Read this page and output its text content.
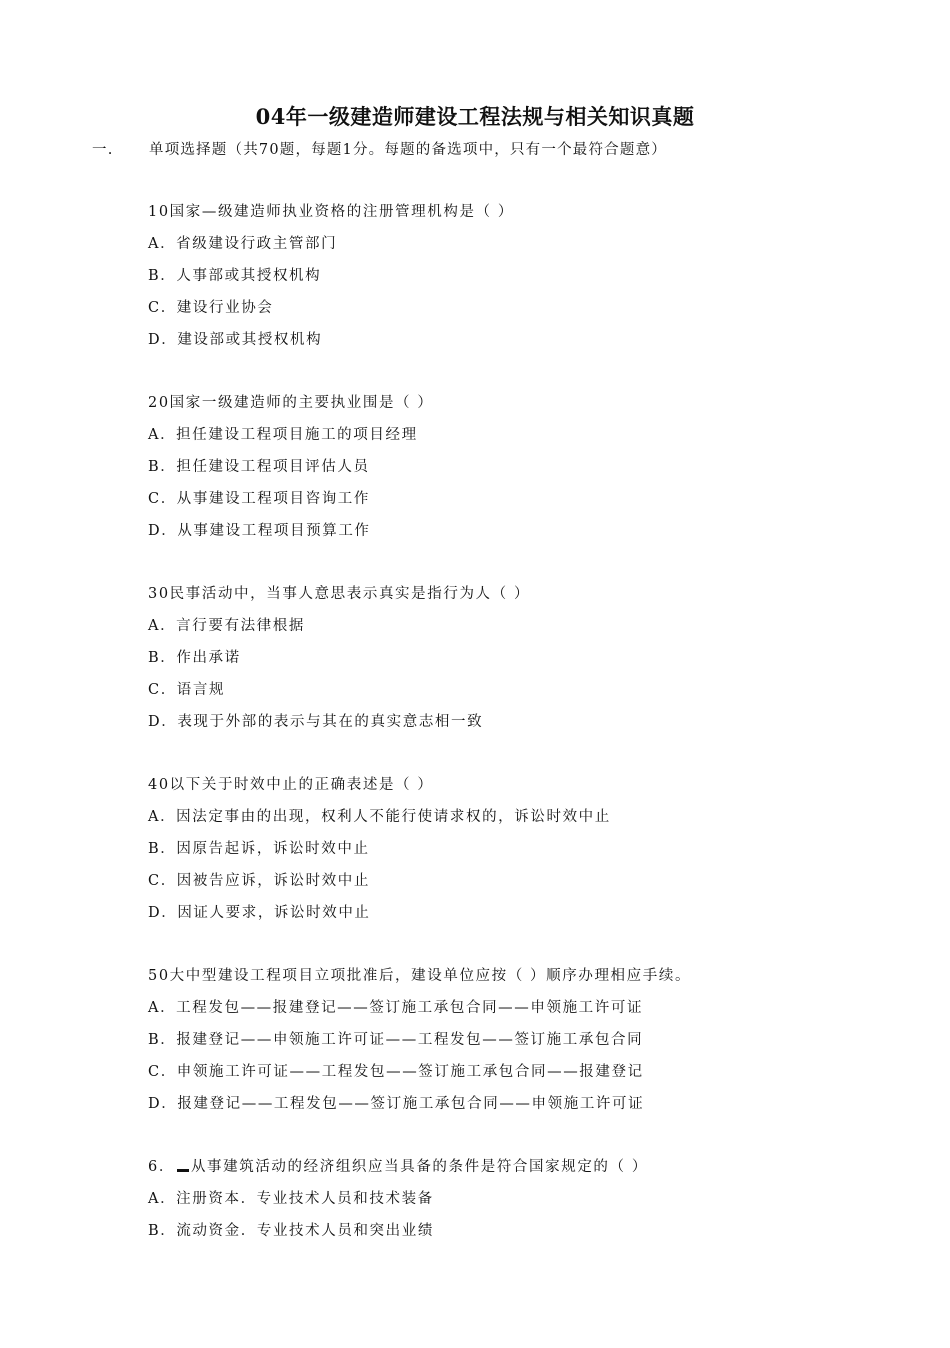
04年一级建造师建设工程法规与相关知识真题
一. 单项选择题（共70题，每题1分。每题的备选项中，只有一个最符合题意）
10国家—级建造师执业资格的注册管理机构是（ ）
A．省级建设行政主管部门
B．人事部或其授权机构
C．建设行业协会
D．建设部或其授权机构
20国家一级建造师的主要执业围是（ ）
A．担任建设工程项目施工的项目经理
B．担任建设工程项目评估人员
C．从事建设工程项目咨询工作
D．从事建设工程项目预算工作
30民事活动中，当事人意思表示真实是指行为人（ ）
A．言行要有法律根据
B．作出承诺
C．语言规
D．表现于外部的表示与其在的真实意志相一致
40以下关于时效中止的正确表述是（ ）
A．因法定事由的出现，权利人不能行使请求权的，诉讼时效中止
B．因原告起诉，诉讼时效中止
C．因被告应诉，诉讼时效中止
D．因证人要求，诉讼时效中止
50大中型建设工程项目立项批准后，建设单位应按（ ）顺序办理相应手续。
A．工程发包——报建登记——签订施工承包合同——申领施工许可证
B．报建登记——申领施工许可证——工程发包——签订施工承包合同
C．申领施工许可证——工程发包——签订施工承包合同——报建登记
D．报建登记——工程发包——签订施工承包合同——申领施工许可证
6． 从事建筑活动的经济组织应当具备的条件是符合国家规定的（ ）
A．注册资本．专业技术人员和技术装备
B．流动资金．专业技术人员和突出业绩
